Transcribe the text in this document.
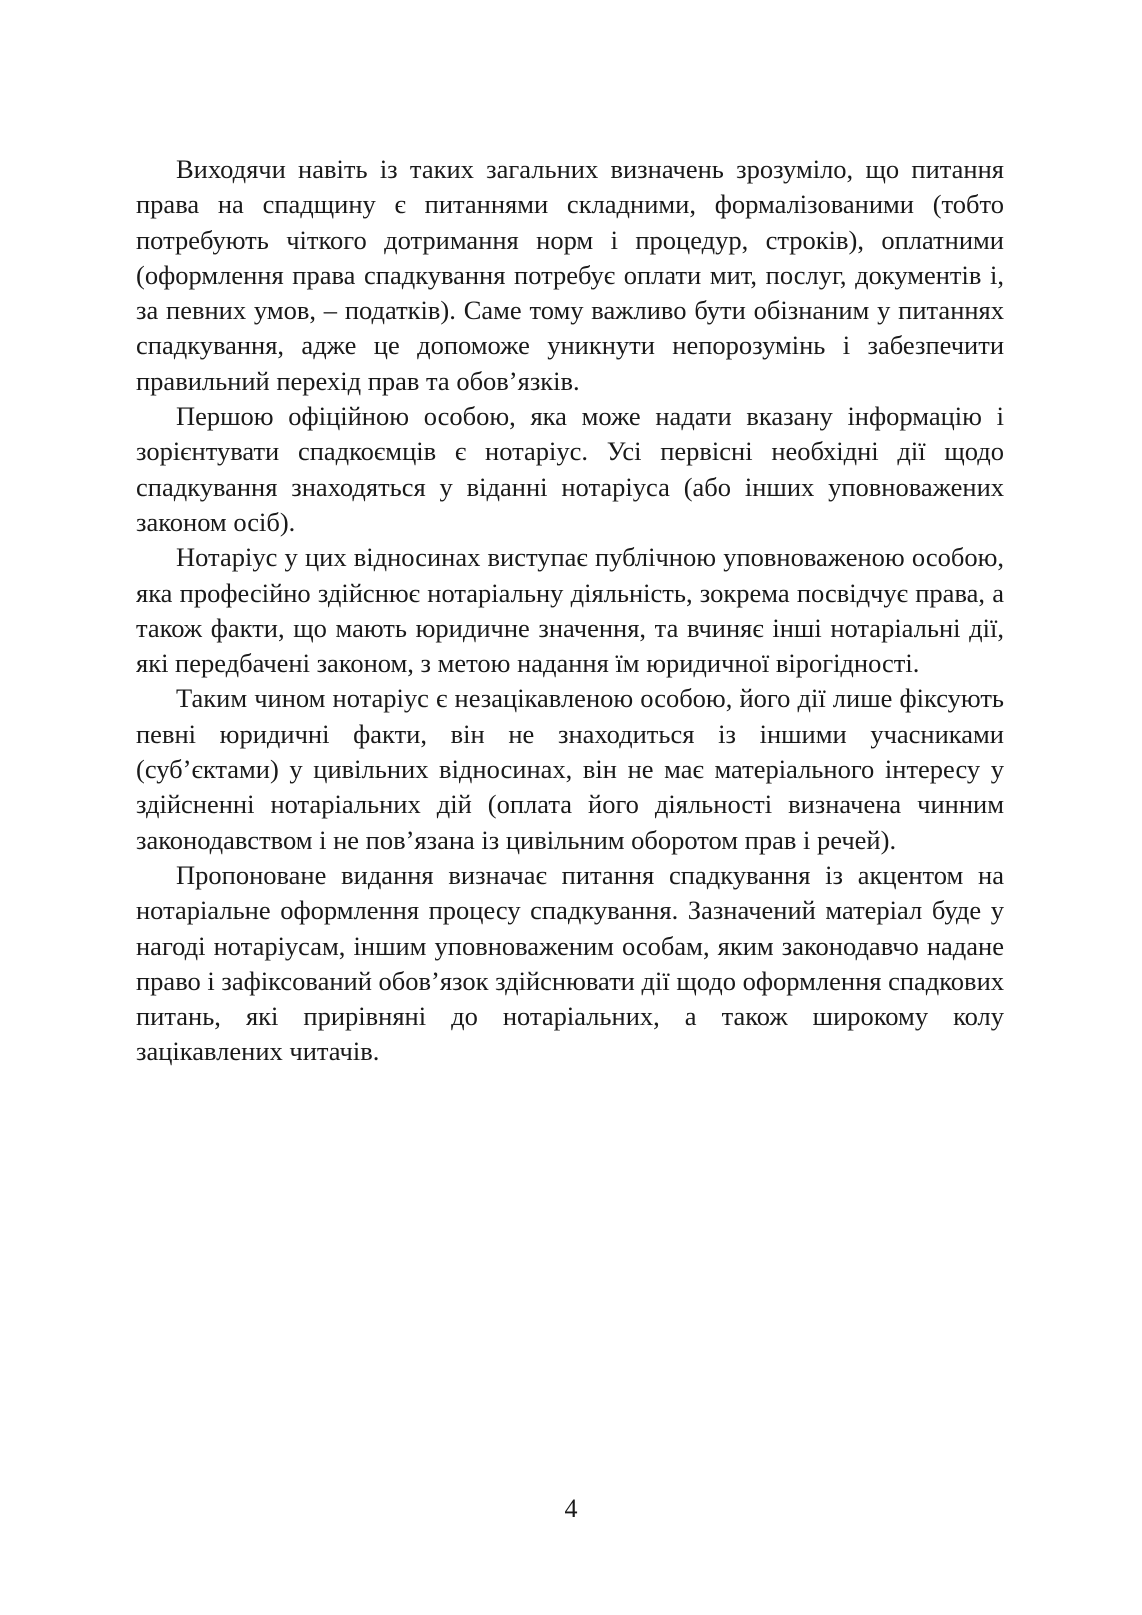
Виходячи навіть із таких загальних визначень зрозуміло, що питання права на спадщину є питаннями складними, формалізованими (тобто потребують чіткого дотримання норм і процедур, строків), оплатними (оформлення права спадкування потребує оплати мит, послуг, документів і, за певних умов, – податків). Саме тому важливо бути обізнаним у питаннях спадкування, адже це допоможе уникнути непорозумінь і забезпечити правильний перехід прав та обов’язків.

Першою офіційною особою, яка може надати вказану інформацію і зорієнтувати спадкоємців є нотаріус. Усі первісні необхідні дії щодо спадкування знаходяться у віданні нотаріуса (або інших уповноважених законом осіб).

Нотаріус у цих відносинах виступає публічною уповноваженою особою, яка професійно здійснює нотаріальну діяльність, зокрема посвідчує права, а також факти, що мають юридичне значення, та вчиняє інші нотаріальні дії, які передбачені законом, з метою надання їм юридичної вірогідності.

Таким чином нотаріус є незацікавленою особою, його дії лише фіксують певні юридичні факти, він не знаходиться із іншими учасниками (суб’єктами) у цивільних відносинах, він не має матеріального інтересу у здійсненні нотаріальних дій (оплата його діяльності визначена чинним законодавством і не пов’язана із цивільним оборотом прав і речей).

Пропоноване видання визначає питання спадкування із акцентом на нотаріальне оформлення процесу спадкування. Зазначений матеріал буде у нагоді нотаріусам, іншим уповноваженим особам, яким законодавчо надане право і зафіксований обов’язок здійснювати дії щодо оформлення спадкових питань, які прирівняні до нотаріальних, а також широкому колу зацікавлених читачів.

4
